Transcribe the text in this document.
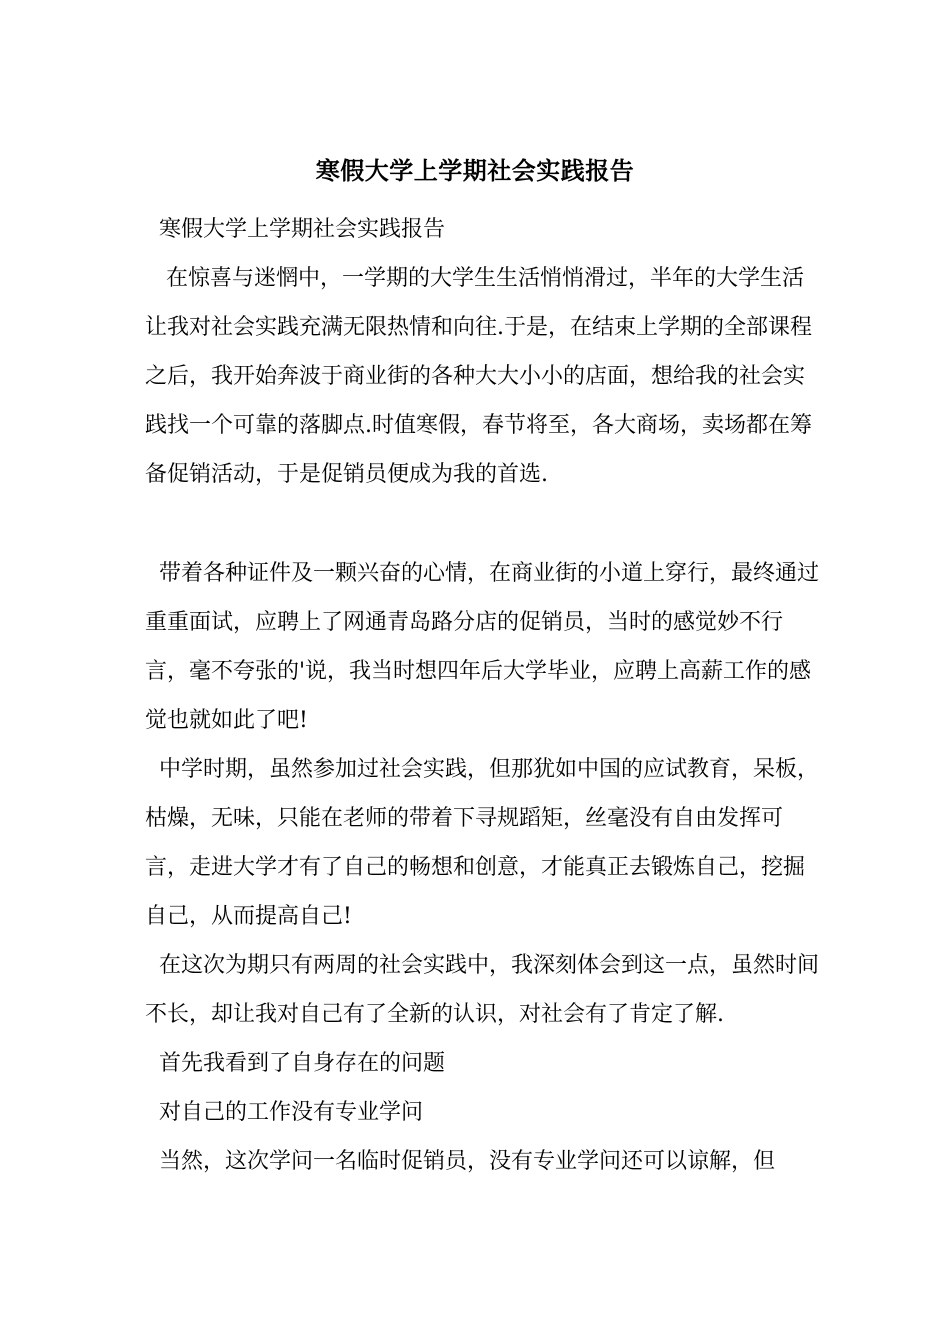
寒假大学上学期社会实践报告

寒假大学上学期社会实践报告

在惊喜与迷惘中，一学期的大学生生活悄悄滑过，半年的大学生活让我对社会实践充满无限热情和向往.于是，在结束上学期的全部课程之后，我开始奔波于商业街的各种大大小小的店面，想给我的社会实践找一个可靠的落脚点.时值寒假，春节将至，各大商场，卖场都在筹备促销活动，于是促销员便成为我的首选.

带着各种证件及一颗兴奋的心情，在商业街的小道上穿行，最终通过重重面试，应聘上了网通青岛路分店的促销员，当时的感觉妙不行言，毫不夸张的'说，我当时想四年后大学毕业，应聘上高薪工作的感觉也就如此了吧!

中学时期，虽然参加过社会实践，但那犹如中国的应试教育，呆板，枯燥，无味，只能在老师的带着下寻规蹈矩，丝毫没有自由发挥可言，走进大学才有了自己的畅想和创意，才能真正去锻炼自己，挖掘自己，从而提高自己!

在这次为期只有两周的社会实践中，我深刻体会到这一点，虽然时间不长，却让我对自己有了全新的认识，对社会有了肯定了解.

首先我看到了自身存在的问题

对自己的工作没有专业学问

当然，这次学问一名临时促销员，没有专业学问还可以谅解，但
